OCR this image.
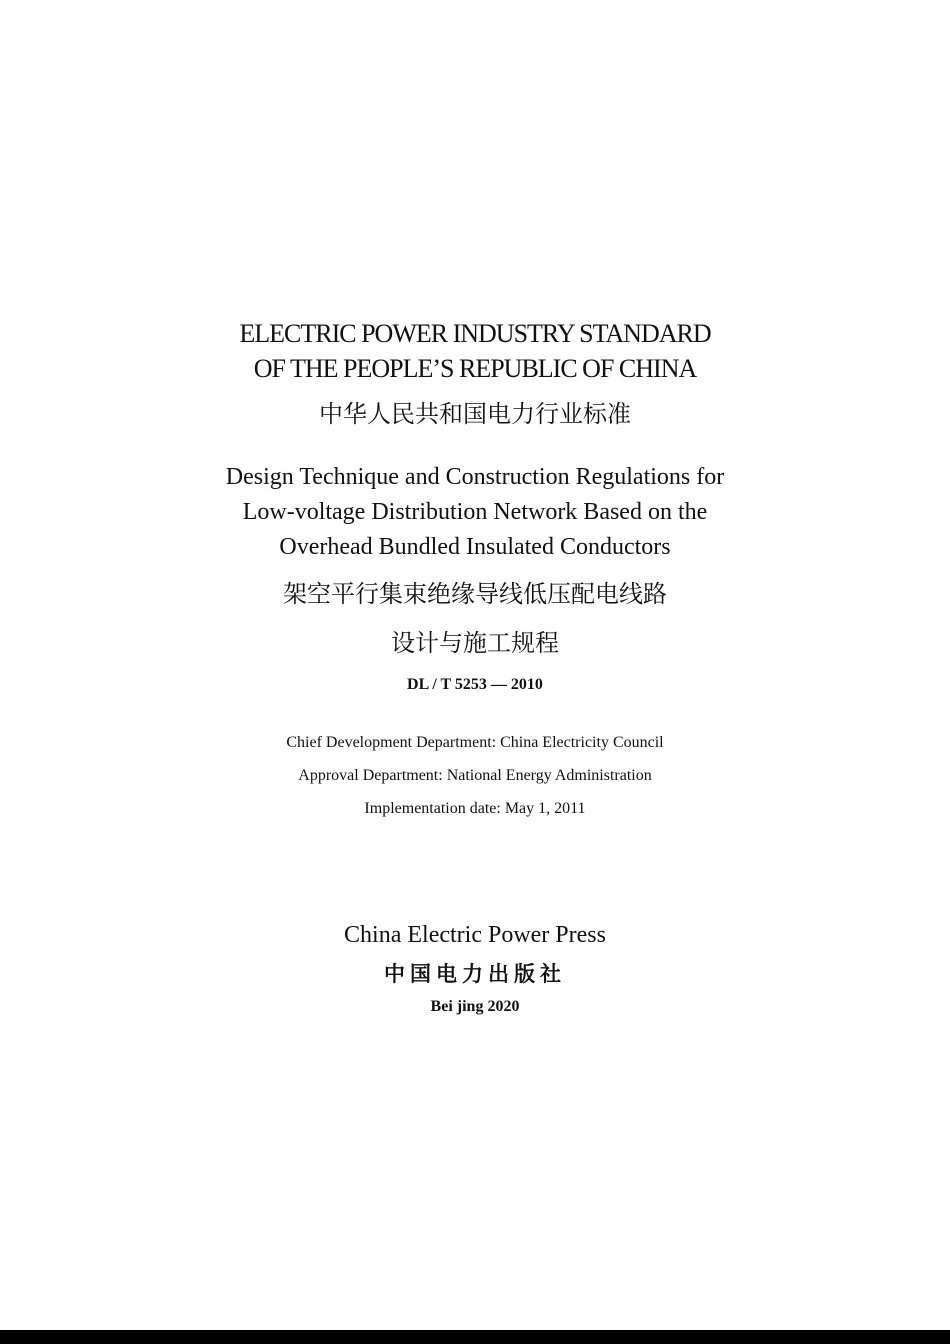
ELECTRIC POWER INDUSTRY STANDARD

OF THE PEOPLE’S REPUBLIC OF CHINA

中华人民共和国电力行业标准

Design Technique and Construction Regulations for

Low-voltage Distribution Network Based on the

Overhead Bundled Insulated Conductors

架空平行集束绝缘导线低压配电线路

设计与施工规程

DL / T 5253 — 2010

Chief Development Department: China Electricity Council

Approval Department: National Energy Administration

Implementation date: May 1, 2011

China Electric Power Press

中国电力出版社

Bei jing 2020
